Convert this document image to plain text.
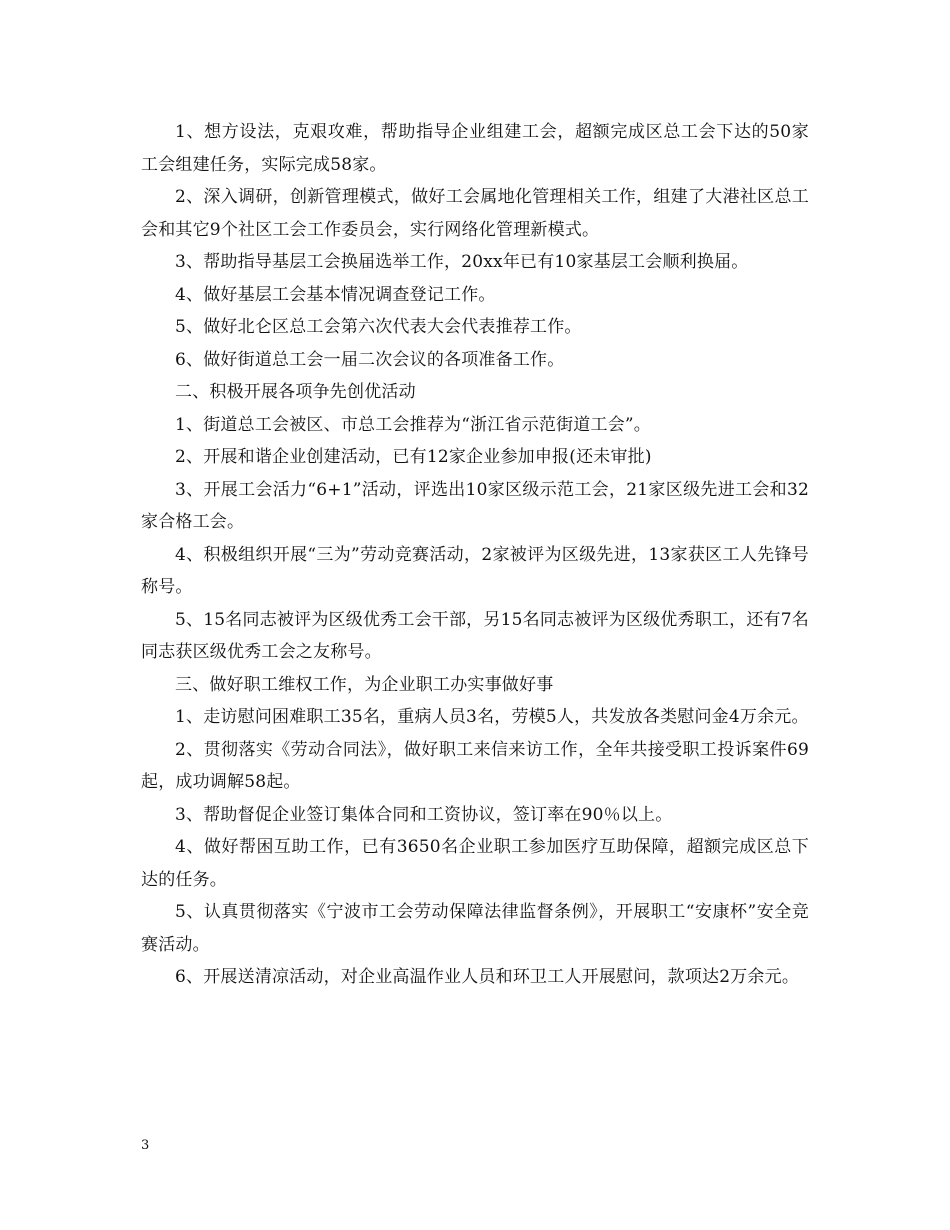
1、想方设法，克艰攻难，帮助指导企业组建工会，超额完成区总工会下达的50家工会组建任务，实际完成58家。

2、深入调研，创新管理模式，做好工会属地化管理相关工作，组建了大港社区总工会和其它9个社区工会工作委员会，实行网络化管理新模式。

3、帮助指导基层工会换届选举工作，20xx年已有10家基层工会顺利换届。

4、做好基层工会基本情况调查登记工作。

5、做好北仑区总工会第六次代表大会代表推荐工作。

6、做好街道总工会一届二次会议的各项准备工作。

二、积极开展各项争先创优活动

1、街道总工会被区、市总工会推荐为“浙江省示范街道工会”。

2、开展和谐企业创建活动，已有12家企业参加申报(还未审批)

3、开展工会活力“6+1”活动，评选出10家区级示范工会，21家区级先进工会和32家合格工会。

4、积极组织开展“三为”劳动竞赛活动，2家被评为区级先进，13家获区工人先锋号称号。

5、15名同志被评为区级优秀工会干部，另15名同志被评为区级优秀职工，还有7名同志获区级优秀工会之友称号。

三、做好职工维权工作，为企业职工办实事做好事

1、走访慰问困难职工35名，重病人员3名，劳模5人，共发放各类慰问金4万余元。

2、贯彻落实《劳动合同法》，做好职工来信来访工作，全年共接受职工投诉案件69起，成功调解58起。

3、帮助督促企业签订集体合同和工资协议，签订率在90％以上。

4、做好帮困互助工作，已有3650名企业职工参加医疗互助保障，超额完成区总下达的任务。

5、认真贯彻落实《宁波市工会劳动保障法律监督条例》，开展职工“安康杯”安全竞赛活动。

6、开展送清凉活动，对企业高温作业人员和环卫工人开展慰问，款项达2万余元。

3
